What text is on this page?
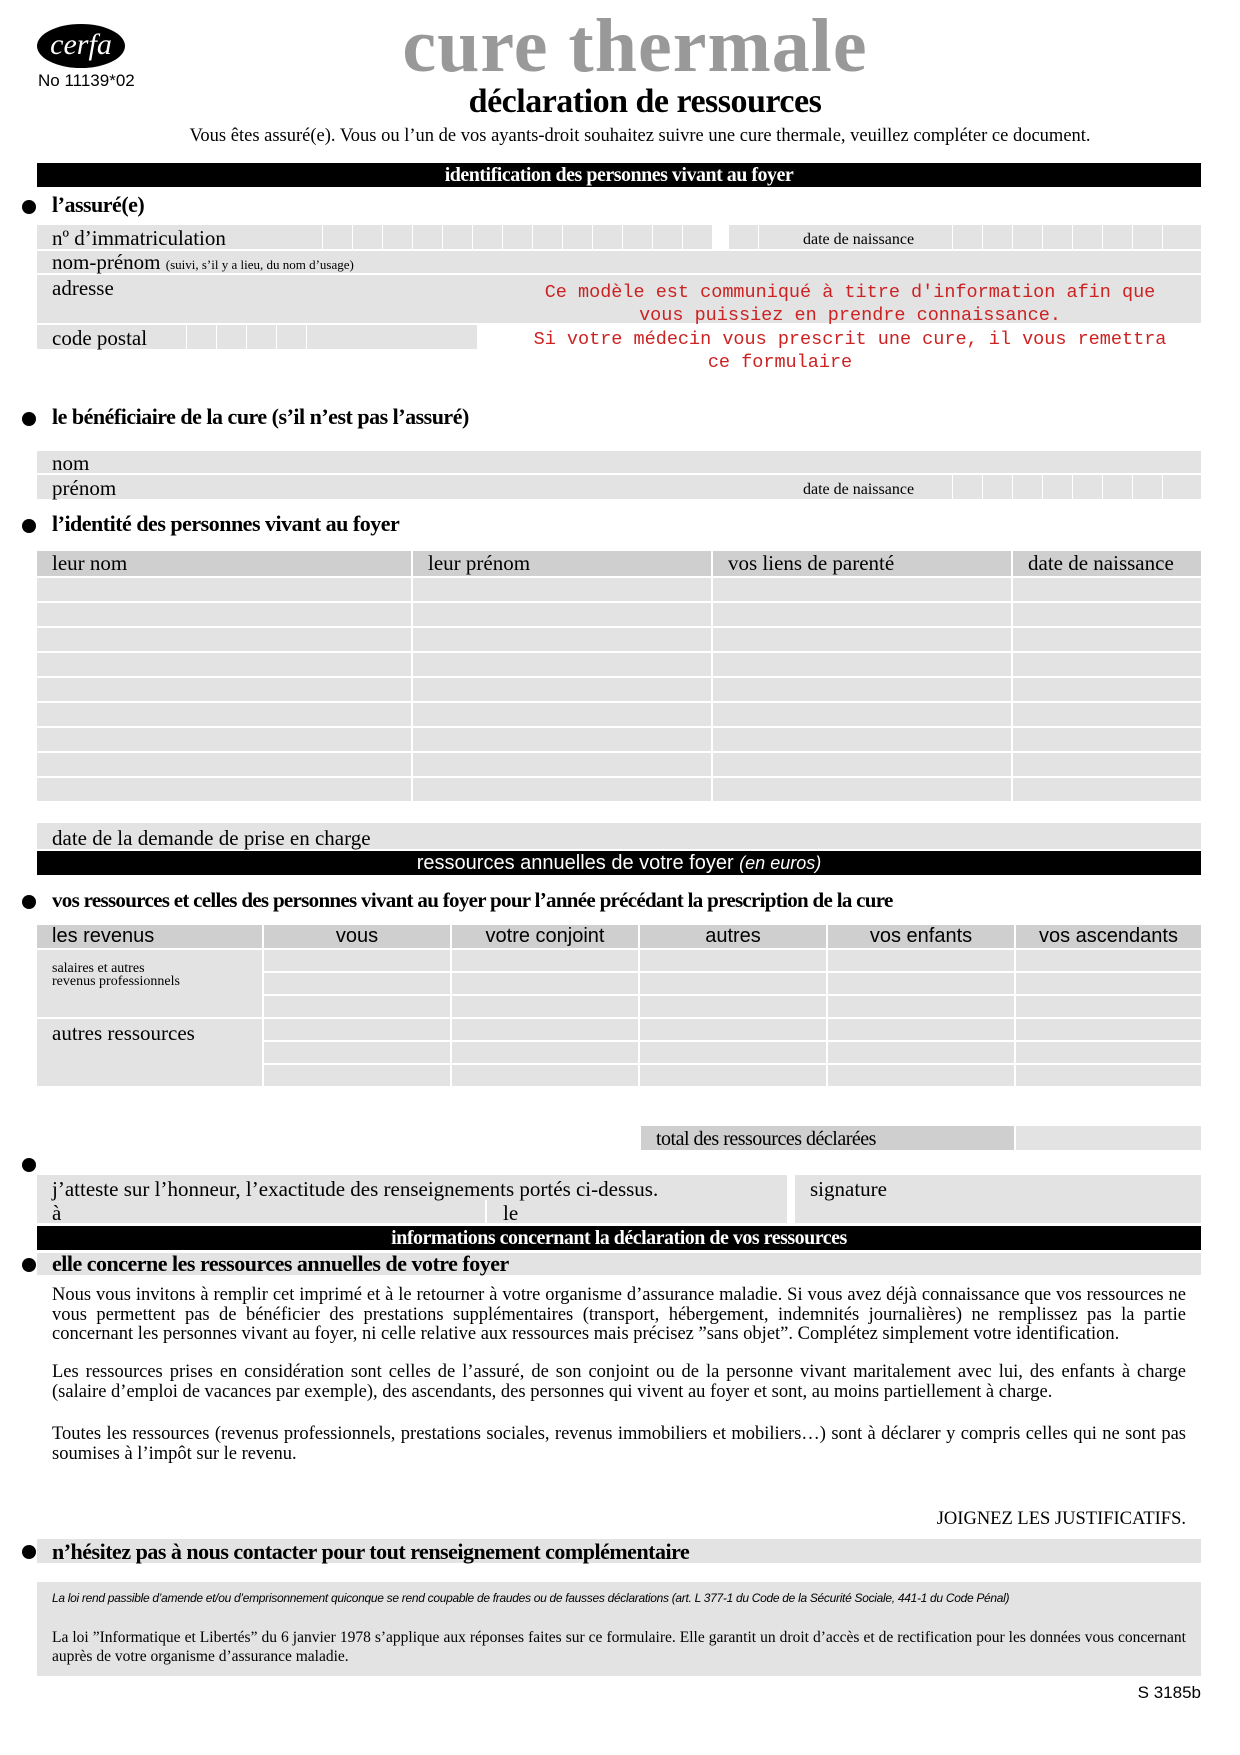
cerfa
No 11139*02	cure thermale
déclaration de ressources
Vous êtes assuré(e). Vous ou l’un de vos ayants-droit souhaitez suivre une cure thermale, veuillez compléter ce document.
identification des personnes vivant au foyer
l’assuré(e)
nº d’immatriculation	date de naissance
nom-prénom (suivi, s’il y a lieu, du nom d’usage)
adresse
code postal
Ce modèle est communiqué à titre d'information afin que
vous puissiez en prendre connaissance.
Si votre médecin vous prescrit une cure, il vous remettra
ce formulaire
le bénéficiaire de la cure (s’il n’est pas l’assuré)
nom
prénom	date de naissance
l’identité des personnes vivant au foyer
leur nom	leur prénom	vos liens de parenté	date de naissance

date de la demande de prise en charge
ressources annuelles de votre foyer (en euros)
vos ressources et celles des personnes vivant au foyer pour l’année précédant la prescription de la cure
les revenus	vous	votre conjoint	autres	vos enfants	vos ascendants

salaires et autres
revenus professionnels					

autres ressources					

total des ressources déclarées
j’atteste sur l’honneur, l’exactitude des renseignements portés ci-dessus.
à	le
signature
informations concernant la déclaration de vos ressources
elle concerne les ressources annuelles de votre foyer
Nous vous invitons à remplir cet imprimé et à le retourner à votre organisme d’assurance maladie. Si vous avez déjà connaissance que vos ressources ne vous permettent pas de bénéficier des prestations supplémentaires (transport, hébergement, indemnités journalières) ne remplissez pas la partie concernant les personnes vivant au foyer, ni celle relative aux ressources mais précisez ”sans objet”. Complétez simplement votre identification.
Les ressources prises en considération sont celles de l’assuré, de son conjoint ou de la personne vivant maritalement avec lui, des enfants à charge (salaire d’emploi de vacances par exemple), des ascendants, des personnes qui vivent au foyer et sont, au moins partiellement à charge.
Toutes les ressources (revenus professionnels, prestations sociales, revenus immobiliers et mobiliers…) sont à déclarer y compris celles qui ne sont pas soumises à l’impôt sur le revenu.
JOIGNEZ LES JUSTIFICATIFS.
n’hésitez pas à nous contacter pour tout renseignement complémentaire
La loi rend passible d’amende et/ou d’emprisonnement quiconque se rend coupable de fraudes ou de fausses déclarations (art. L 377-1 du Code de la Sécurité Sociale, 441-1 du Code Pénal)
La loi ”Informatique et Libertés” du 6 janvier 1978 s’applique aux réponses faites sur ce formulaire. Elle garantit un droit d’accès et de rectification pour les données vous concernant auprès de votre organisme d’assurance maladie.
S 3185b
